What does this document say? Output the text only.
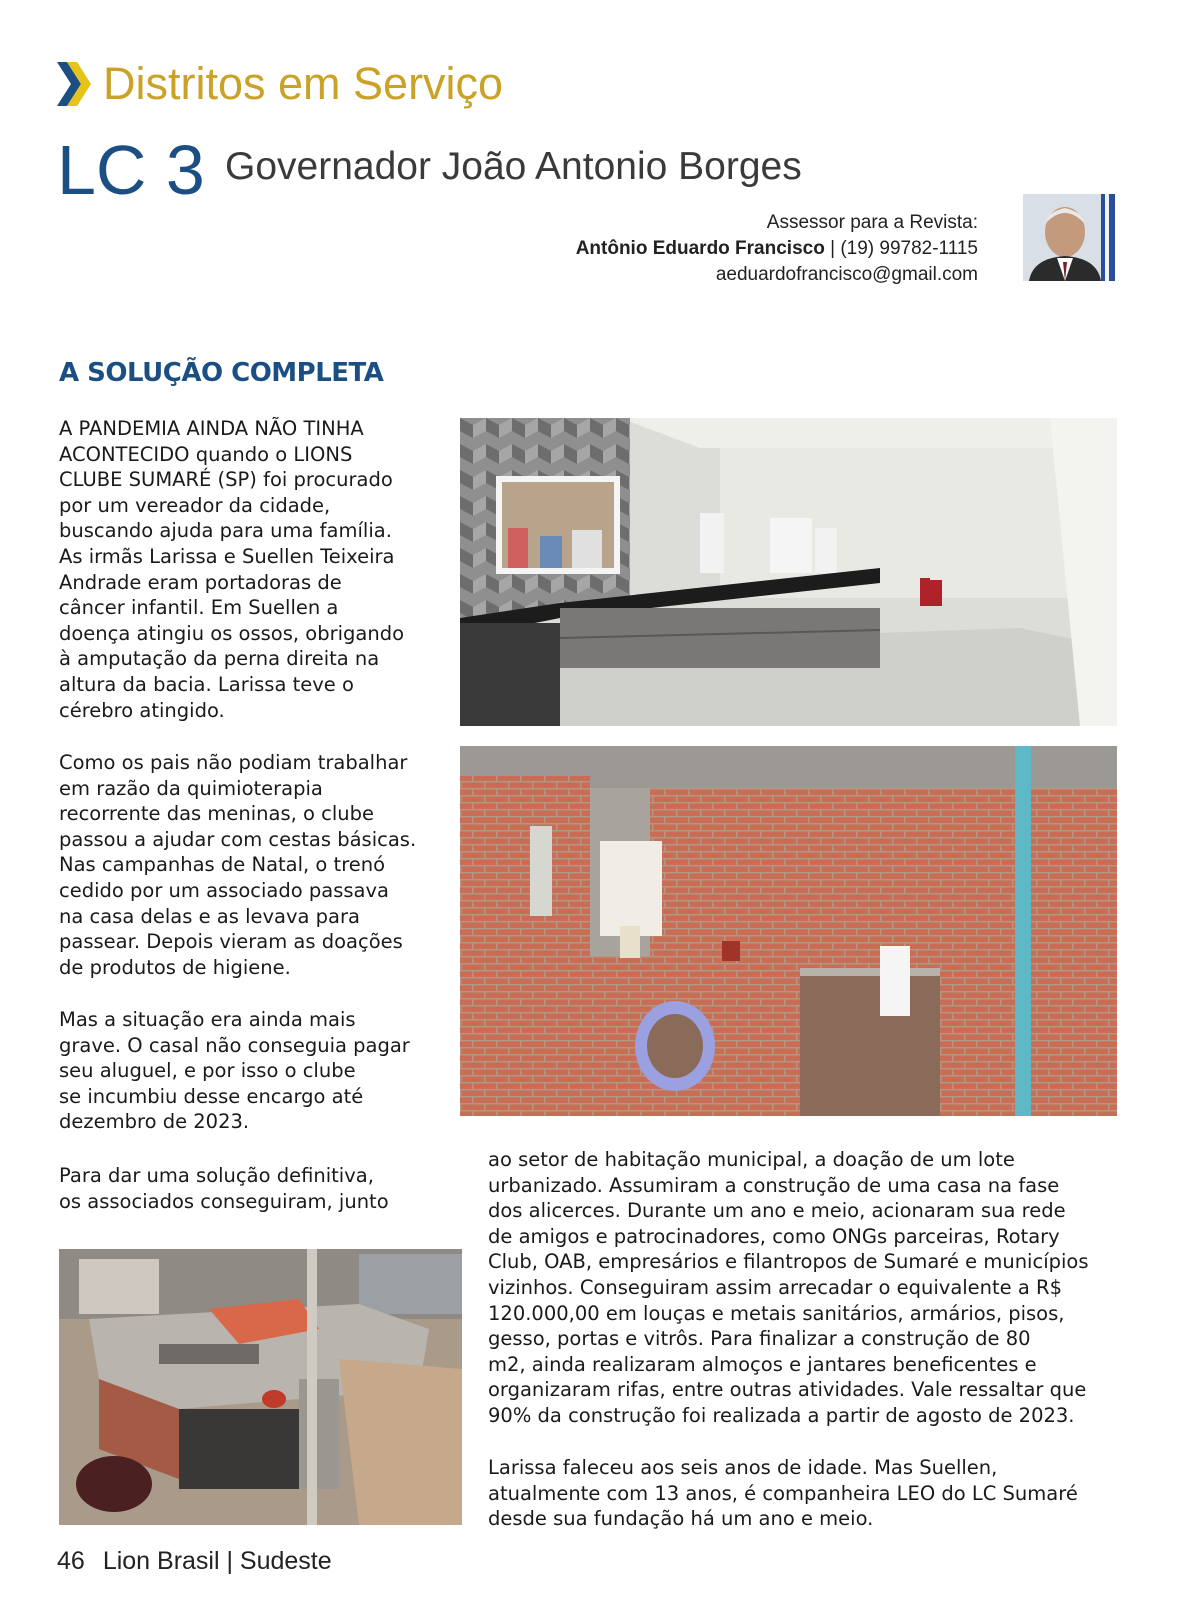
Distritos em Serviço
LC 3 Governador João Antonio Borges
Assessor para a Revista:
Antônio Eduardo Francisco | (19) 99782-1115
aeduardofrancisco@gmail.com
A SOLUÇÃO COMPLETA

A PANDEMIA AINDA NÃO TINHA
ACONTECIDO quando o LIONS
CLUBE SUMARÉ (SP) foi procurado
por um vereador da cidade,
buscando ajuda para uma família.
As irmãs Larissa e Suellen Teixeira
Andrade eram portadoras de
câncer infantil. Em Suellen a
doença atingiu os ossos, obrigando
à amputação da perna direita na
altura da bacia. Larissa teve o
cérebro atingido.

Como os pais não podiam trabalhar
em razão da quimioterapia
recorrente das meninas, o clube
passou a ajudar com cestas básicas.
Nas campanhas de Natal, o trenó
cedido por um associado passava
na casa delas e as levava para
passear. Depois vieram as doações
de produtos de higiene.

Mas a situação era ainda mais
grave. O casal não conseguia pagar
seu aluguel, e por isso o clube
se incumbiu desse encargo até
dezembro de 2023.

Para dar uma solução definitiva,
os associados conseguiram, junto

ao setor de habitação municipal, a doação de um lote
urbanizado. Assumiram a construção de uma casa na fase
dos alicerces. Durante um ano e meio, acionaram sua rede
de amigos e patrocinadores, como ONGs parceiras, Rotary
Club, OAB, empresários e filantropos de Sumaré e municípios
vizinhos. Conseguiram assim arrecadar o equivalente a R$
120.000,00 em louças e metais sanitários, armários, pisos,
gesso, portas e vitrôs. Para finalizar a construção de 80
m2, ainda realizaram almoços e jantares beneficentes e
organizaram rifas, entre outras atividades. Vale ressaltar que
90% da construção foi realizada a partir de agosto de 2023.

Larissa faleceu aos seis anos de idade. Mas Suellen,
atualmente com 13 anos, é companheira LEO do LC Sumaré
desde sua fundação há um ano e meio.

46 Lion Brasil | Sudeste
